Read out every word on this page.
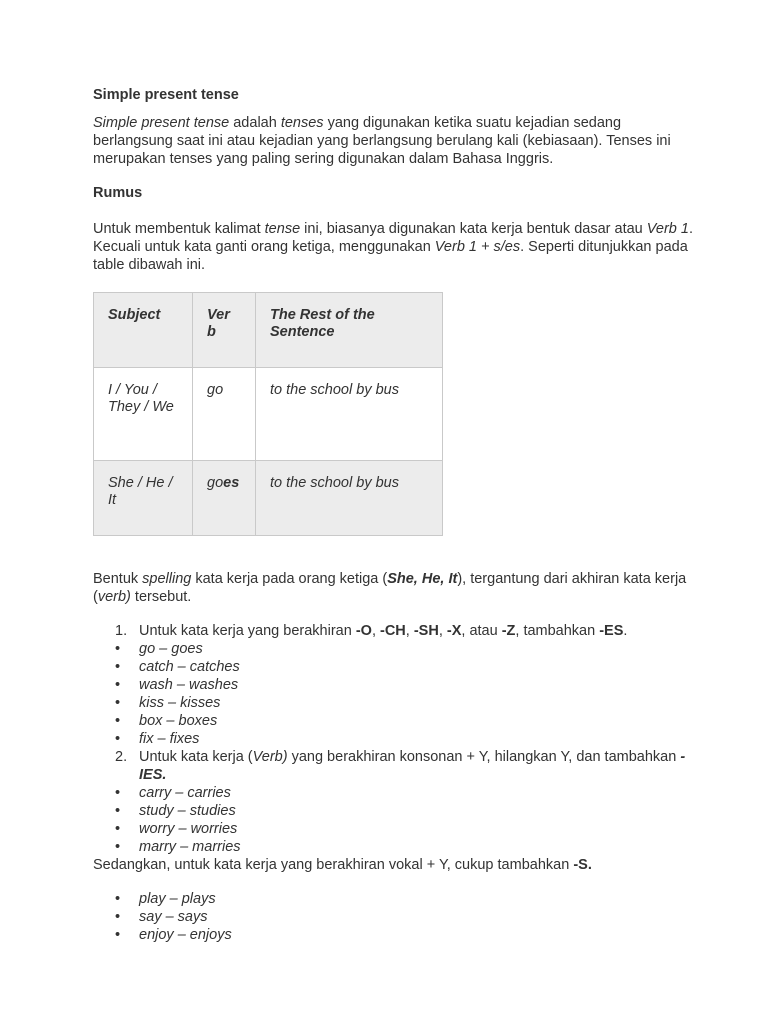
Simple present tense

Simple present tense adalah tenses yang digunakan ketika suatu kejadian sedang berlangsung saat ini atau kejadian yang berlangsung berulang kali (kebiasaan). Tenses ini merupakan tenses yang paling sering digunakan dalam Bahasa Inggris.

Rumus

Untuk membentuk kalimat tense ini, biasanya digunakan kata kerja bentuk dasar atau Verb 1. Kecuali untuk kata ganti orang ketiga, menggunakan Verb 1 + s/es. Seperti ditunjukkan pada table dibawah ini.

Subject	Ver b	The Rest of the Sentence
I / You / They / We	go	to the school by bus
She / He / It	goes	to the school by bus

Bentuk spelling kata kerja pada orang ketiga (She, He, It), tergantung dari akhiran kata kerja (verb) tersebut.

1. Untuk kata kerja yang berakhiran -O, -CH, -SH, -X, atau -Z, tambahkan -ES.
• go – goes
• catch – catches
• wash – washes
• kiss – kisses
• box – boxes
• fix – fixes
2. Untuk kata kerja (Verb) yang berakhiran konsonan + Y, hilangkan Y, dan tambahkan -IES.
• carry – carries
• study – studies
• worry – worries
• marry – marries

Sedangkan, untuk kata kerja yang berakhiran vokal + Y, cukup tambahkan -S.

• play – plays
• say – says
• enjoy – enjoys
